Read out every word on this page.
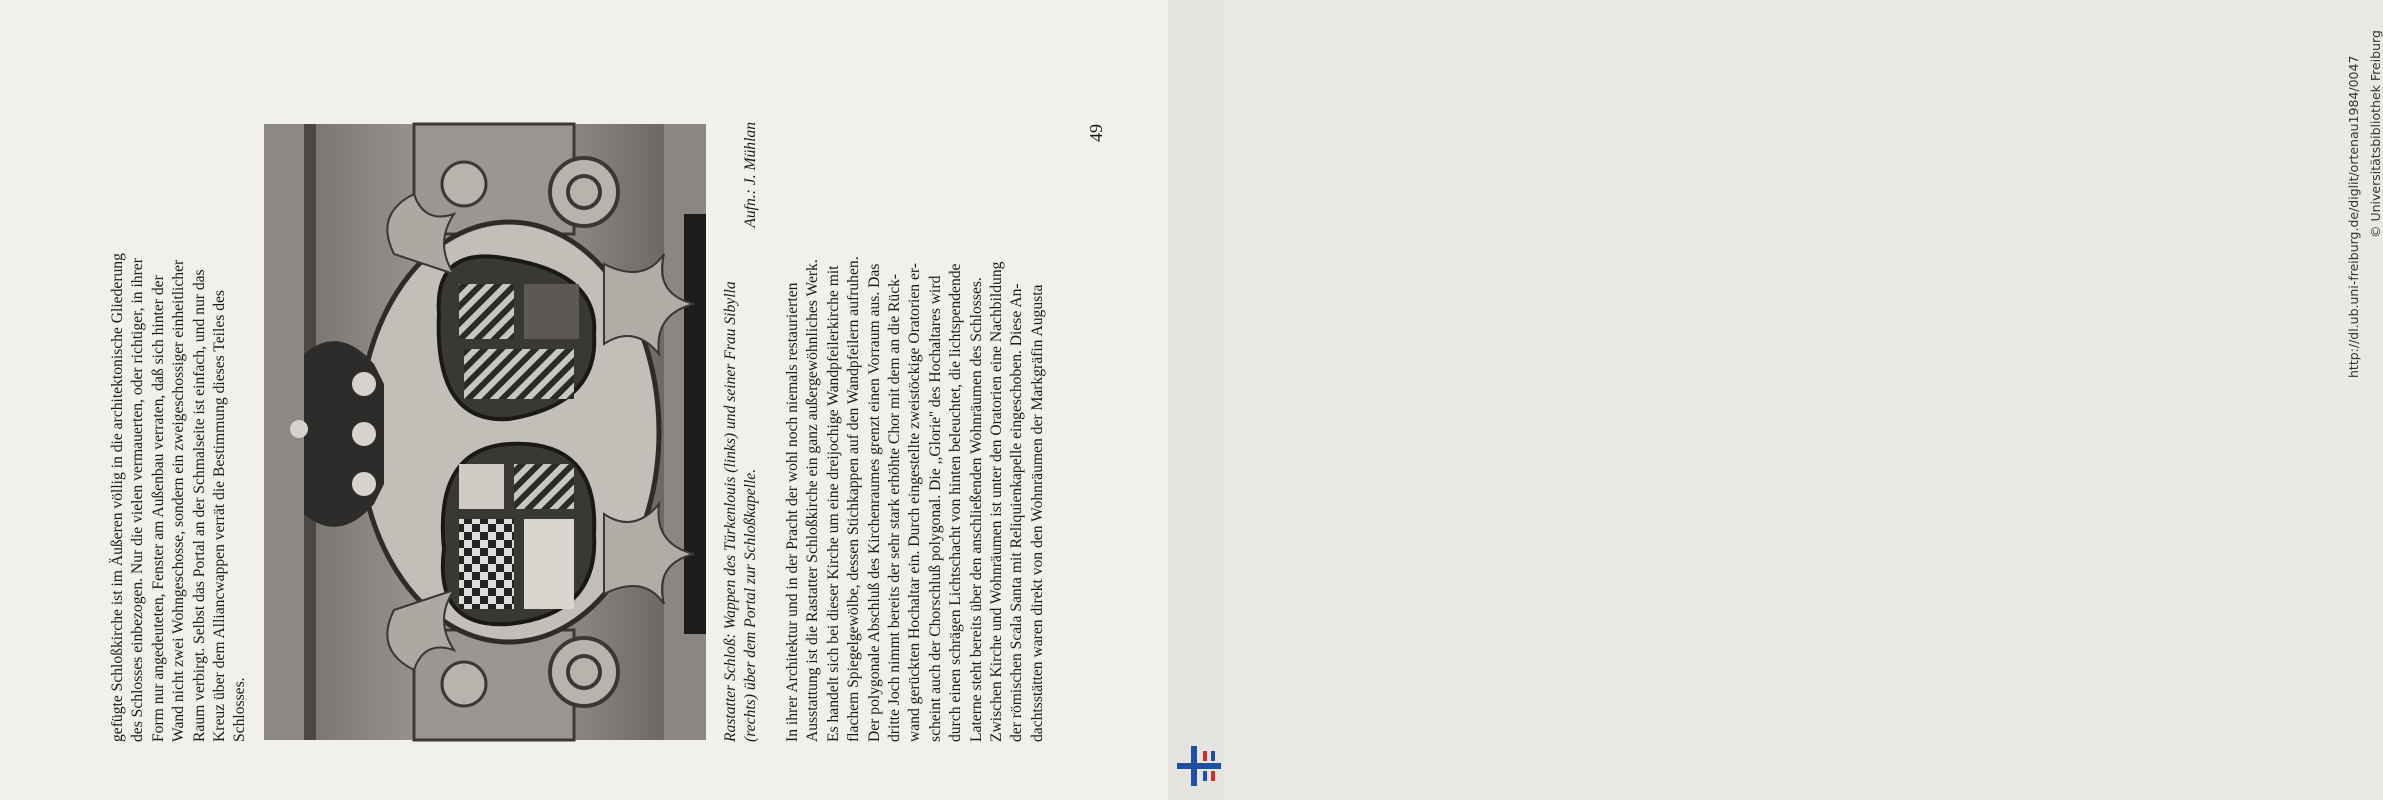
gefügte Schloßkirche ist im Äußeren völlig in die architektonische Gliederung des Schlosses einbezogen. Nur die vielen vermauerten, oder richtiger, in ihrer Form nur angedeuteten, Fenster am Außenbau verraten, daß sich hinter der Wand nicht zwei Wohngeschosse, sondern ein zweigeschossiger einheitlicher Raum verbirgt. Selbst das Portal an der Schmalseite ist einfach, und nur das Kreuz über dem Alliancwappen verrät die Bestimmung dieses Teiles des Schlosses.	Rastatter Schloß: Wappen des Türkenlouis (links) und seiner Frau Sibylla (rechts) über dem Portal zur Schloßkapelle.
Aufn.: J. Mühlan
In ihrer Architektur und in der Pracht der wohl noch niemals restaurierten Ausstattung ist die Rastatter Schloßkirche ein ganz außergewöhnliches Werk. Es handelt sich bei dieser Kirche um eine dreijochige Wandpfeilerkirche mit flachem Spiegelgewölbe, dessen Stichkappen auf den Wandpfeilern aufruhen. Der polygonale Abschluß des Kirchenraumes grenzt einen Vorraum aus. Das dritte Joch nimmt bereits der sehr stark erhöhte Chor mit dem an die Rück- wand gerückten Hochaltar ein. Durch eingestellte zweistöckige Oratorien er- scheint auch der Chorschluß polygonal. Die ,,Glorie'' des Hochaltares wird durch einen schrägen Lichtschacht von hinten beleuchtet, die lichtspendende Laterne steht bereits über den anschließenden Wohnräumen des Schlosses. Zwischen Kirche und Wohnräumen ist unter den Oratorien eine Nachbildung der römischen Scala Santa mit Reliquienkapelle eingeschoben. Diese An- dachtsstätten waren direkt von den Wohnräumen der Markgräfin Augusta
49	http://dl.ub.uni-freiburg.de/diglit/ortenau1984/0047 © Universitätsbibliothek Freiburg
